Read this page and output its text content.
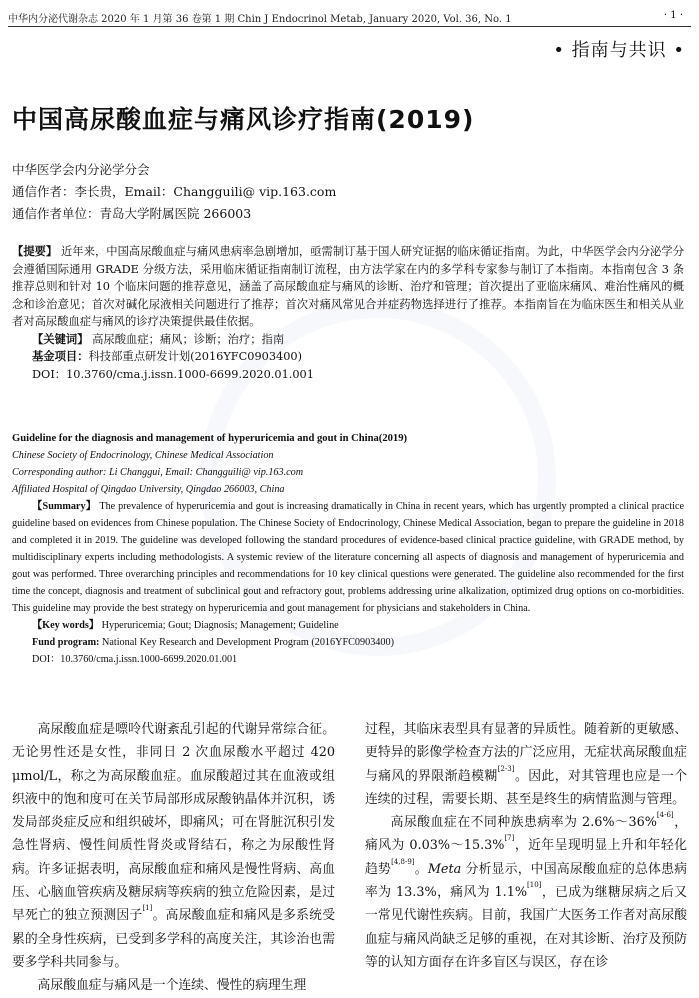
中华内分泌代谢杂志 2020 年 1 月第 36 卷第 1 期 Chin J Endocrinol Metab, January 2020, Vol. 36, No. 1	· 1 ·
• 指南与共识 •
中国高尿酸血症与痛风诊疗指南(2019)
中华医学会内分泌学分会
通信作者：李长贵，Email：Changguili@ vip.163.com
通信作者单位：青岛大学附属医院 266003
【提要】 近年来，中国高尿酸血症与痛风患病率急剧增加，亟需制订基于国人研究证据的临床循证指南。为此，中华医学会内分泌学分会遵循国际通用 GRADE 分级方法，采用临床循证指南制订流程，由方法学家在内的多学科专家参与制订了本指南。本指南包含 3 条推荐总则和针对 10 个临床问题的推荐意见，涵盖了高尿酸血症与痛风的诊断、治疗和管理；首次提出了亚临床痛风、难治性痛风的概念和诊治意见；首次对碱化尿液相关问题进行了推荐；首次对痛风常见合并症药物选择进行了推荐。本指南旨在为临床医生和相关从业者对高尿酸血症与痛风的诊疗决策提供最佳依据。
【关键词】 高尿酸血症；痛风；诊断；治疗；指南
基金项目：科技部重点研发计划(2016YFC0903400)
DOI：10.3760/cma.j.issn.1000-6699.2020.01.001
Guideline for the diagnosis and management of hyperuricemia and gout in China(2019)
Chinese Society of Endocrinology, Chinese Medical Association
Corresponding author: Li Changgui, Email: Changguili@ vip.163.com
Affiliated Hospital of Qingdao University, Qingdao 266003, China
【Summary】 The prevalence of hyperuricemia and gout is increasing dramatically in China in recent years, which has urgently prompted a clinical practice guideline based on evidences from Chinese population. The Chinese Society of Endocrinology, Chinese Medical Association, began to prepare the guideline in 2018 and completed it in 2019. The guideline was developed following the standard procedures of evidence-based clinical practice guideline, with GRADE method, by multidisciplinary experts including methodologists. A systemic review of the literature concerning all aspects of diagnosis and management of hyperuricemia and gout was performed. Three overarching principles and recommendations for 10 key clinical questions were generated. The guideline also recommended for the first time the concept, diagnosis and treatment of subclinical gout and refractory gout, problems addressing urine alkalization, optimized drug options on co-morbidities. This guideline may provide the best strategy on hyperuricemia and gout management for physicians and stakeholders in China.
【Key words】 Hyperuricemia; Gout; Diagnosis; Management; Guideline
Fund program: National Key Research and Development Program (2016YFC0903400)
DOI：10.3760/cma.j.issn.1000-6699.2020.01.001

高尿酸血症是嘌呤代谢紊乱引起的代谢异常综合征。无论男性还是女性，非同日 2 次血尿酸水平超过 420 μmol/L，称之为高尿酸血症。血尿酸超过其在血液或组织液中的饱和度可在关节局部形成尿酸钠晶体并沉积，诱发局部炎症反应和组织破坏，即痛风；可在肾脏沉积引发急性肾病、慢性间质性肾炎或肾结石，称之为尿酸性肾病。许多证据表明，高尿酸血症和痛风是慢性肾病、高血压、心脑血管疾病及糖尿病等疾病的独立危险因素，是过早死亡的独立预测因子[1]。高尿酸血症和痛风是多系统受累的全身性疾病，已受到多学科的高度关注，其诊治也需要多学科共同参与。

高尿酸血症与痛风是一个连续、慢性的病理生理

过程，其临床表型具有显著的异质性。随着新的更敏感、更特异的影像学检查方法的广泛应用，无症状高尿酸血症与痛风的界限渐趋模糊[2-3]。因此，对其管理也应是一个连续的过程，需要长期、甚至是终生的病情监测与管理。

高尿酸血症在不同种族患病率为 2.6%～36%[4-6]，痛风为 0.03%～15.3%[7]，近年呈现明显上升和年轻化趋势[4,8-9]。Meta 分析显示，中国高尿酸血症的总体患病率为 13.3%，痛风为 1.1%[10]，已成为继糖尿病之后又一常见代谢性疾病。目前，我国广大医务工作者对高尿酸血症与痛风尚缺乏足够的重视，在对其诊断、治疗及预防等的认知方面存在许多盲区与误区，存在诊
